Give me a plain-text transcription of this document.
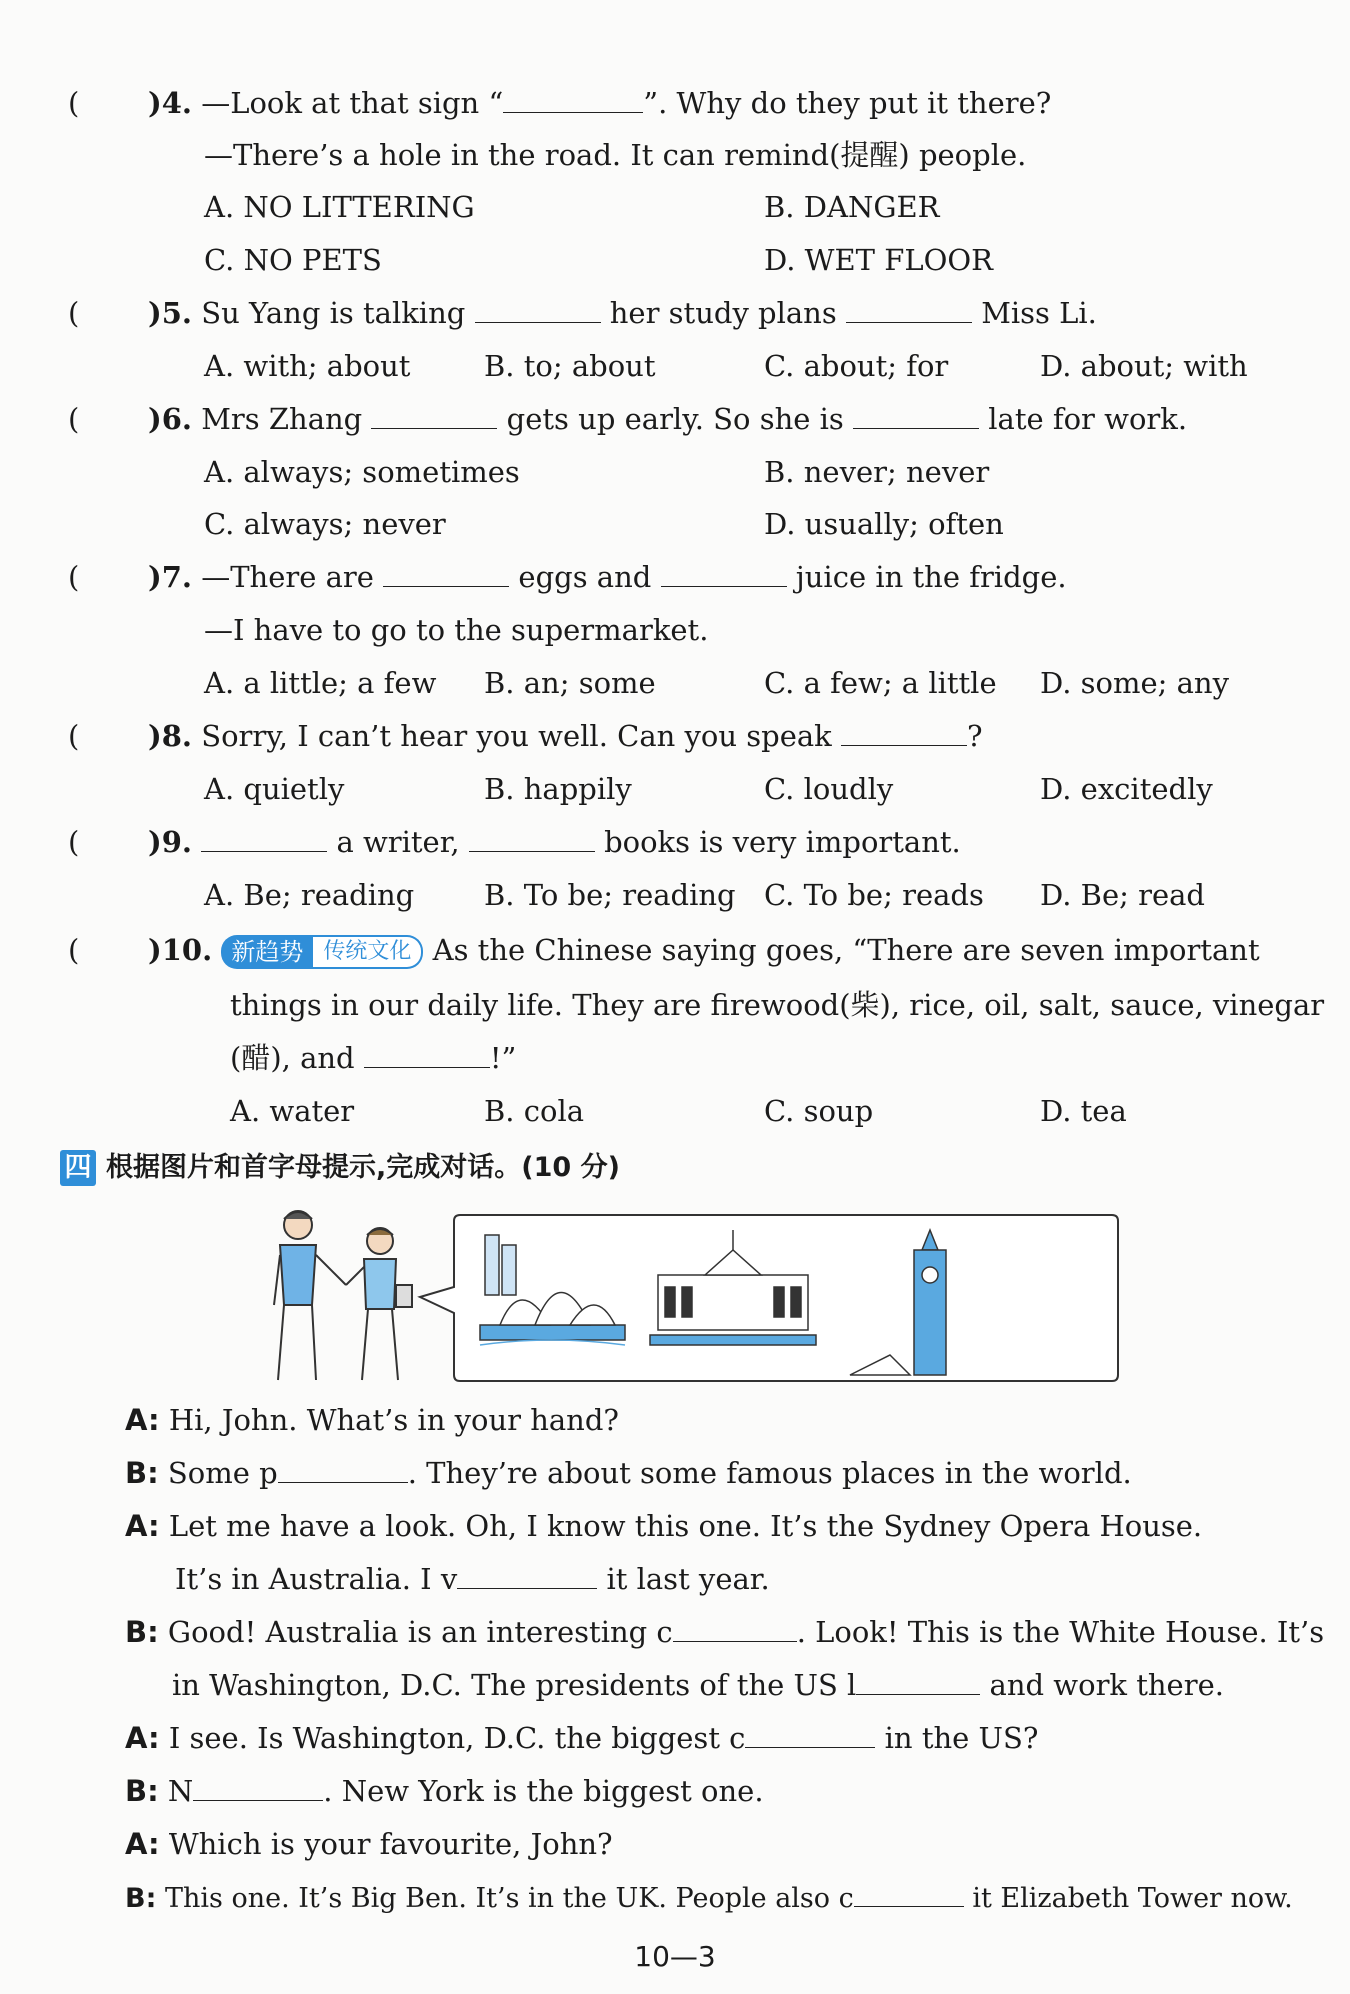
( )4. —Look at that sign “	”. Why do they put it there?
—There’s a hole in the road. It can remind(提醒) people.
A. NO LITTERING	B. DANGER
C. NO PETS	D. WET FLOOR
( )5. Su Yang is talking	her study plans	Miss Li.
A. with; about	B. to; about	C. about; for	D. about; with
( )6. Mrs Zhang	gets up early. So she is	late for work.
A. always; sometimes	B. never; never
C. always; never	D. usually; often
( )7. —There are	eggs and	juice in the fridge.
—I have to go to the supermarket.
A. a little; a few B. an; some	C. a few; a little D. some; any
( )8. Sorry, I can’t hear you well. Can you speak	?
A. quietly	B. happily	C. loudly	D. excitedly
( )9.	a writer,	books is very important.
A. Be; reading B. To be; reading C. To be; reads D. Be; read
( )10. 新趋势 传统文化 As the Chinese saying goes, “There are seven important
things in our daily life. They are firewood(柴), rice, oil, salt, sauce, vinegar
(醋), and	!”
A. water	B. cola	C. soup	D. tea
四 根据图片和首字母提示,完成对话。(10 分)
A: Hi, John. What’s in your hand?
B: Some p	. They’re about some famous places in the world.
A: Let me have a look. Oh, I know this one. It’s the Sydney Opera House.
It’s in Australia. I v	it last year.
B: Good! Australia is an interesting c	. Look! This is the White House. It’s
in Washington, D.C. The presidents of the US l	and work there.
A: I see. Is Washington, D.C. the biggest c	in the US?
B: N	. New York is the biggest one.
A: Which is your favourite, John?
B: This one. It’s Big Ben. It’s in the UK. People also c	it Elizabeth Tower now.
10—3
